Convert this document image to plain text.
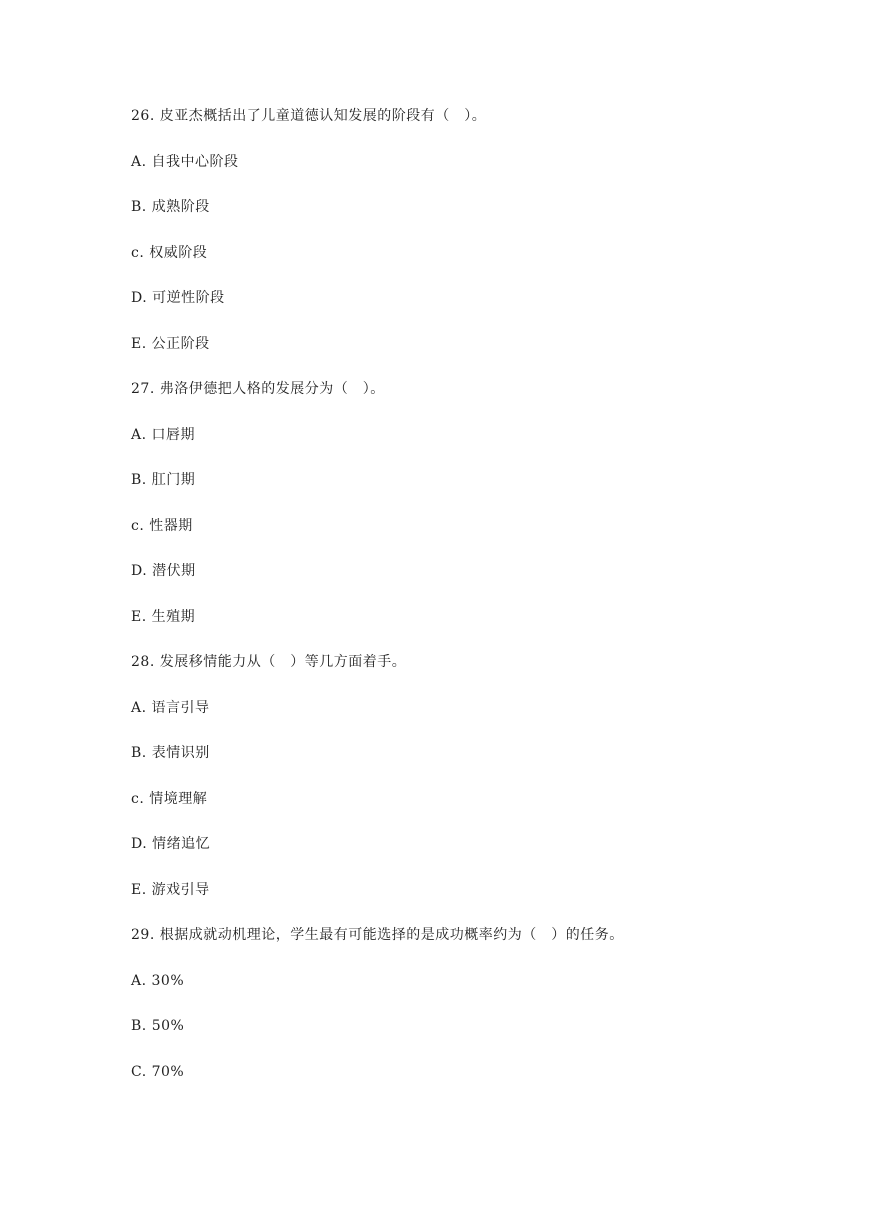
26. 皮亚杰概括出了儿童道德认知发展的阶段有（　）。
A. 自我中心阶段
B. 成熟阶段
c. 权威阶段
D. 可逆性阶段
E. 公正阶段
27. 弗洛伊德把人格的发展分为（　）。
A. 口唇期
B. 肛门期
c. 性器期
D. 潜伏期
E. 生殖期
28. 发展移情能力从（　）等几方面着手。
A. 语言引导
B. 表情识别
c. 情境理解
D. 情绪追忆
E. 游戏引导
29. 根据成就动机理论，学生最有可能选择的是成功概率约为（　）的任务。
A. 30%
B. 50%
C. 70%
